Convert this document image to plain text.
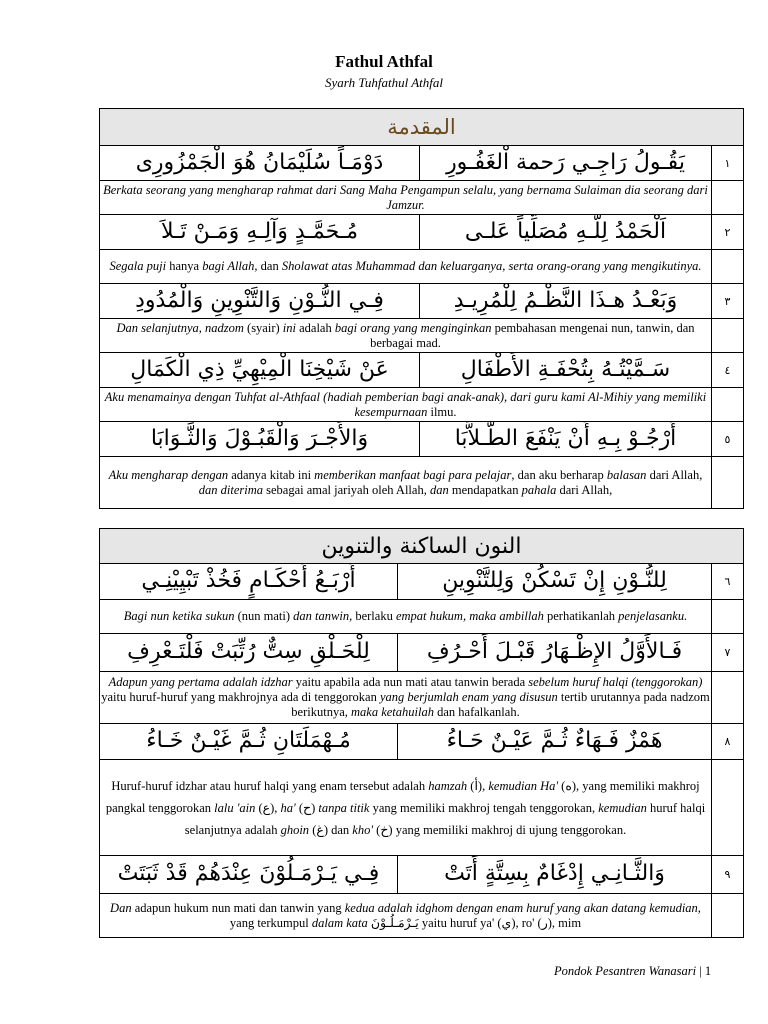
Fathul Athfal
Syarh Tuhfathul Athfal
المقدمة		
دَوْمَـاً سُلَيْمَانُ هُوَ الْجَمْزُورِى	يَقُـولُ رَاجِـي رَحمة اْلغَفُـورِ	١
Berkata seorang yang mengharap rahmat dari Sang Maha Pengampun selalu, yang bernama Sulaiman dia seorang dari Jamzur.		
مُـحَمَّـدٍ وَآلِـهِ وَمَـنْ تَـلاَ	اَلْحَمْدُ لِلَّـهِ مُصَلِّياً عَلـى	٢
Segala puji hanya bagi Allah, dan Sholawat atas Muhammad dan keluarganya, serta orang-orang yang mengikutinya.		
فِـي النُّـوْنِ وَالتَّنْوِينِ وَالْمُدُودِ	وَبَعْـدُ هـذَا النَّظْـمُ لِلْمُرِيـدِ	٣
Dan selanjutnya, nadzom (syair) ini adalah bagi orang yang menginginkan pembahasan mengenai nun, tanwin, dan berbagai mad.		
عَنْ شَيْخِنَا الْمِيْهِيِّ ذِي الْكَمَالِ	سَـمَّيْتُـهُ بِتُحْفَـةِ الأَطْفَالِ	٤
Aku menamainya dengan Tuhfat al-Athfaal (hadiah pemberian bagi anak-anak), dari guru kami Al-Mihiy yang memiliki kesempurnaan ilmu.		
وَالأَجْـرَ وَالْقَبُـوْلَ وَالثَّـوَابَا	أَرْجُـوْ بِـهِ أَنْ يَنْفَعَ الطُّـلاَّبَا	٥
Aku mengharap dengan adanya kitab ini memberikan manfaat bagi para pelajar, dan aku berharap balasan dari Allah, dan diterima sebagai amal jariyah oleh Allah, dan mendapatkan pahala dari Allah,		
النون الساكنة والتنوين		
أَرْبَـعُ أَحْكَـامٍ فَخُذْ تَبْيِيْنِـي	لِلنُّـوْنِ إِنْ تَسْكُنْ وَلِلتَّنْوِينِ	٦
Bagi nun ketika sukun (nun mati) dan tanwin, berlaku empat hukum, maka ambillah perhatikanlah penjelasanku.		
لِلْحَـلْقِ سِتٌّ رُتِّبَتْ فَلْتَـعْرِفِ	فَـالأَوَّلُ الإِظْـهَارُ قَبْـلَ أَحْـرُفِ	٧
Adapun yang pertama adalah idzhar yaitu apabila ada nun mati atau tanwin berada sebelum huruf halqi (tenggorokan) yaitu huruf-huruf yang makhrojnya ada di tenggorokan yang berjumlah enam yang disusun tertib urutannya pada nadzom berikutnya, maka ketahuilah dan hafalkanlah.		
مُـهْمَلَتَانِ ثُـمَّ غَيْـنٌ خَـاءُ	هَمْزٌ فَـهَاءٌ ثُـمَّ عَيْـنٌ حَـاءُ	٨
Huruf-huruf idzhar atau huruf halqi yang enam tersebut adalah hamzah (أ), kemudian Ha' (ه), yang memiliki makhroj pangkal tenggorokan lalu 'ain (ع), ha' (ح) tanpa titik yang memiliki makhroj tengah tenggorokan, kemudian huruf halqi selanjutnya adalah ghoin (غ) dan kho' (خ) yang memiliki makhroj di ujung tenggorokan.		
فِـي يَـرْمَـلُوْنَ عِنْدَهُمْ قَدْ ثَبَتَتْ	وَالثَّـانِـي إِدْغَامٌ بِسِتَّةٍ أَتَتْ	٩
Dan adapun hukum nun mati dan tanwin yang kedua adalah idghom dengan enam huruf yang akan datang kemudian, yang terkumpul dalam kata يَـرْمَـلُـوْنَ yaitu huruf ya' (ي), ro' (ر), mim		
Pondok Pesantren Wanasari | 1
